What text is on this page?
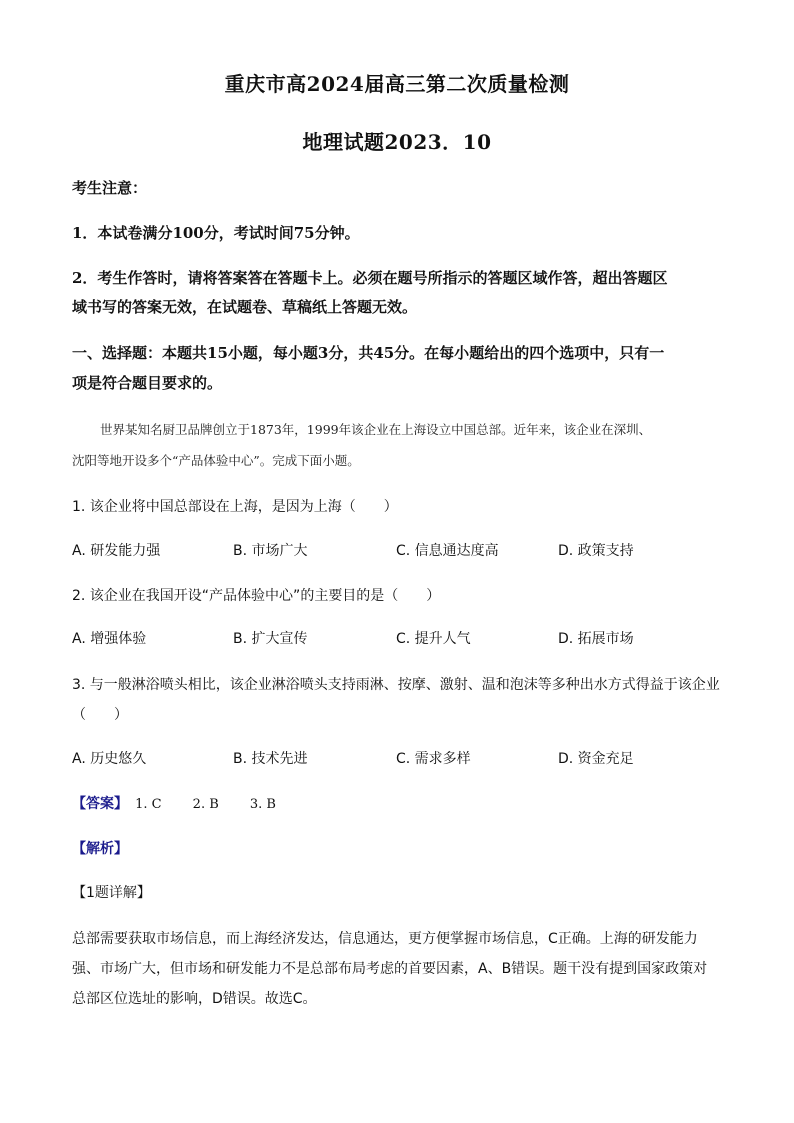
重庆市高2024届高三第二次质量检测
地理试题2023．10
考生注意：
1．本试卷满分100分，考试时间75分钟。
2．考生作答时，请将答案答在答题卡上。必须在题号所指示的答题区域作答，超出答题区
域书写的答案无效，在试题卷、草稿纸上答题无效。
一、选择题：本题共15小题，每小题3分，共45分。在每小题给出的四个选项中，只有一
项是符合题目要求的。
世界某知名厨卫品牌创立于1873年，1999年该企业在上海设立中国总部。近年来，该企业在深圳、
沈阳等地开设多个“产品体验中心”。完成下面小题。
1. 该企业将中国总部设在上海，是因为上海（　　）
A. 研发能力强	B. 市场广大	C. 信息通达度高	D. 政策支持
2. 该企业在我国开设“产品体验中心”的主要目的是（　　）
A. 增强体验	B. 扩大宣传	C. 提升人气	D. 拓展市场
3. 与一般淋浴喷头相比，该企业淋浴喷头支持雨淋、按摩、激射、温和泡沫等多种出水方式得益于该企业
（　　）
A. 历史悠久	B. 技术先进	C. 需求多样	D. 资金充足
【答案】 1. C 2. B 3. B
【解析】
【1题详解】
总部需要获取市场信息，而上海经济发达，信息通达，更方便掌握市场信息，C正确。上海的研发能力
强、市场广大，但市场和研发能力不是总部布局考虑的首要因素，A、B错误。题干没有提到国家政策对
总部区位选址的影响，D错误。故选C。
